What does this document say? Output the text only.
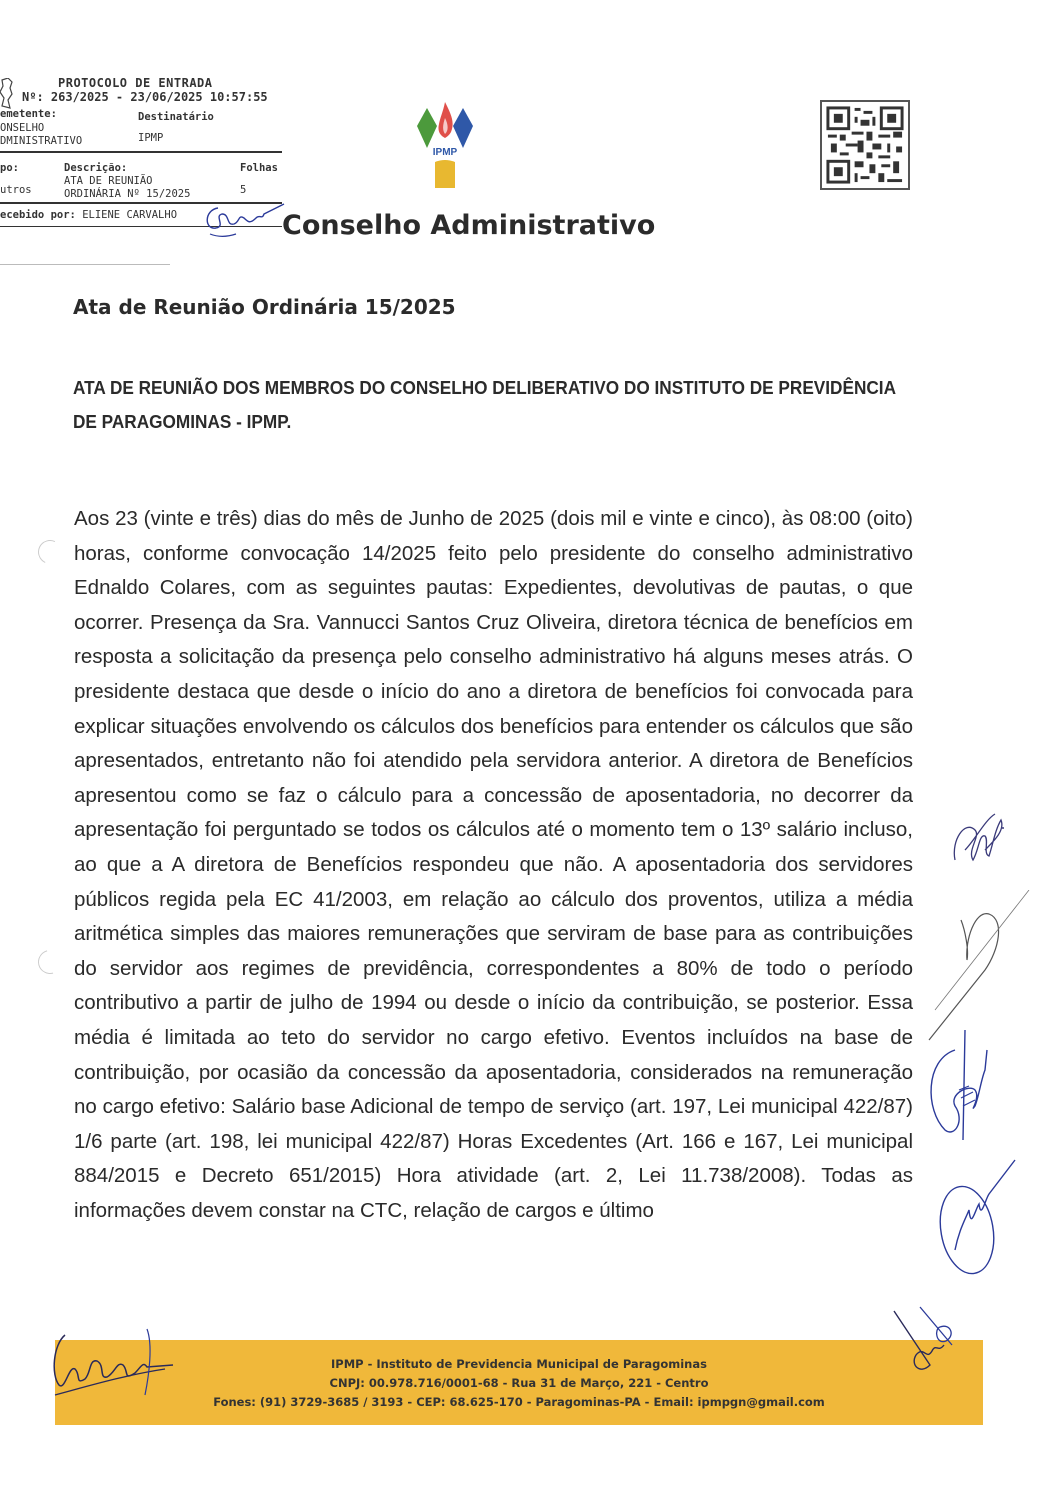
PROTOCOLO DE ENTRADA
Nº: 263/2025 - 23/06/2025 10:57:55
emetente:
ONSELHO
DMINISTRATIVO
Destinatário
IPMP
po:
utros
Descrição:
ATA DE REUNIÃO
ORDINÁRIA Nº 15/2025
Folhas
5
ecebido por: ELIENE CARVALHO
IPMP
Conselho Administrativo
Ata de Reunião Ordinária 15/2025
ATA DE REUNIÃO DOS MEMBROS DO CONSELHO DELIBERATIVO DO INSTITUTO DE PREVIDÊNCIA DE PARAGOMINAS - IPMP.

Aos 23 (vinte e três) dias do mês de Junho de 2025 (dois mil e vinte e cinco), às 08:00 (oito) horas, conforme convocação 14/2025 feito pelo presidente do conselho administrativo Ednaldo Colares, com as seguintes pautas: Expedientes, devolutivas de pautas, o que ocorrer. Presença da Sra. Vannucci Santos Cruz Oliveira, diretora técnica de benefícios em resposta a solicitação da presença pelo conselho administrativo há alguns meses atrás. O presidente destaca que desde o início do ano a diretora de benefícios foi convocada para explicar situações envolvendo os cálculos dos benefícios para entender os cálculos que são apresentados, entretanto não foi atendido pela servidora anterior. A diretora de Benefícios apresentou como se faz o cálculo para a concessão de aposentadoria, no decorrer da apresentação foi perguntado se todos os cálculos até o momento tem o 13º salário incluso, ao que a A diretora de Benefícios respondeu que não. A aposentadoria dos servidores públicos regida pela EC 41/2003, em relação ao cálculo dos proventos, utiliza a média aritmética simples das maiores remunerações que serviram de base para as contribuições do servidor aos regimes de previdência, correspondentes a 80% de todo o período contributivo a partir de julho de 1994 ou desde o início da contribuição, se posterior. Essa média é limitada ao teto do servidor no cargo efetivo. Eventos incluídos na base de contribuição, por ocasião da concessão da aposentadoria, considerados na remuneração no cargo efetivo: Salário base Adicional de tempo de serviço (art. 197, Lei municipal 422/87) 1/6 parte (art. 198, lei municipal 422/87) Horas Excedentes (Art. 166 e 167, Lei municipal 884/2015 e Decreto 651/2015) Hora atividade (art. 2, Lei 11.738/2008). Todas as informações devem constar na CTC, relação de cargos e último

IPMP - Instituto de Previdencia Municipal de Paragominas
CNPJ: 00.978.716/0001-68 - Rua 31 de Março, 221 - Centro
Fones: (91) 3729-3685 / 3193 - CEP: 68.625-170 - Paragominas-PA - Email: ipmpgn@gmail.com
